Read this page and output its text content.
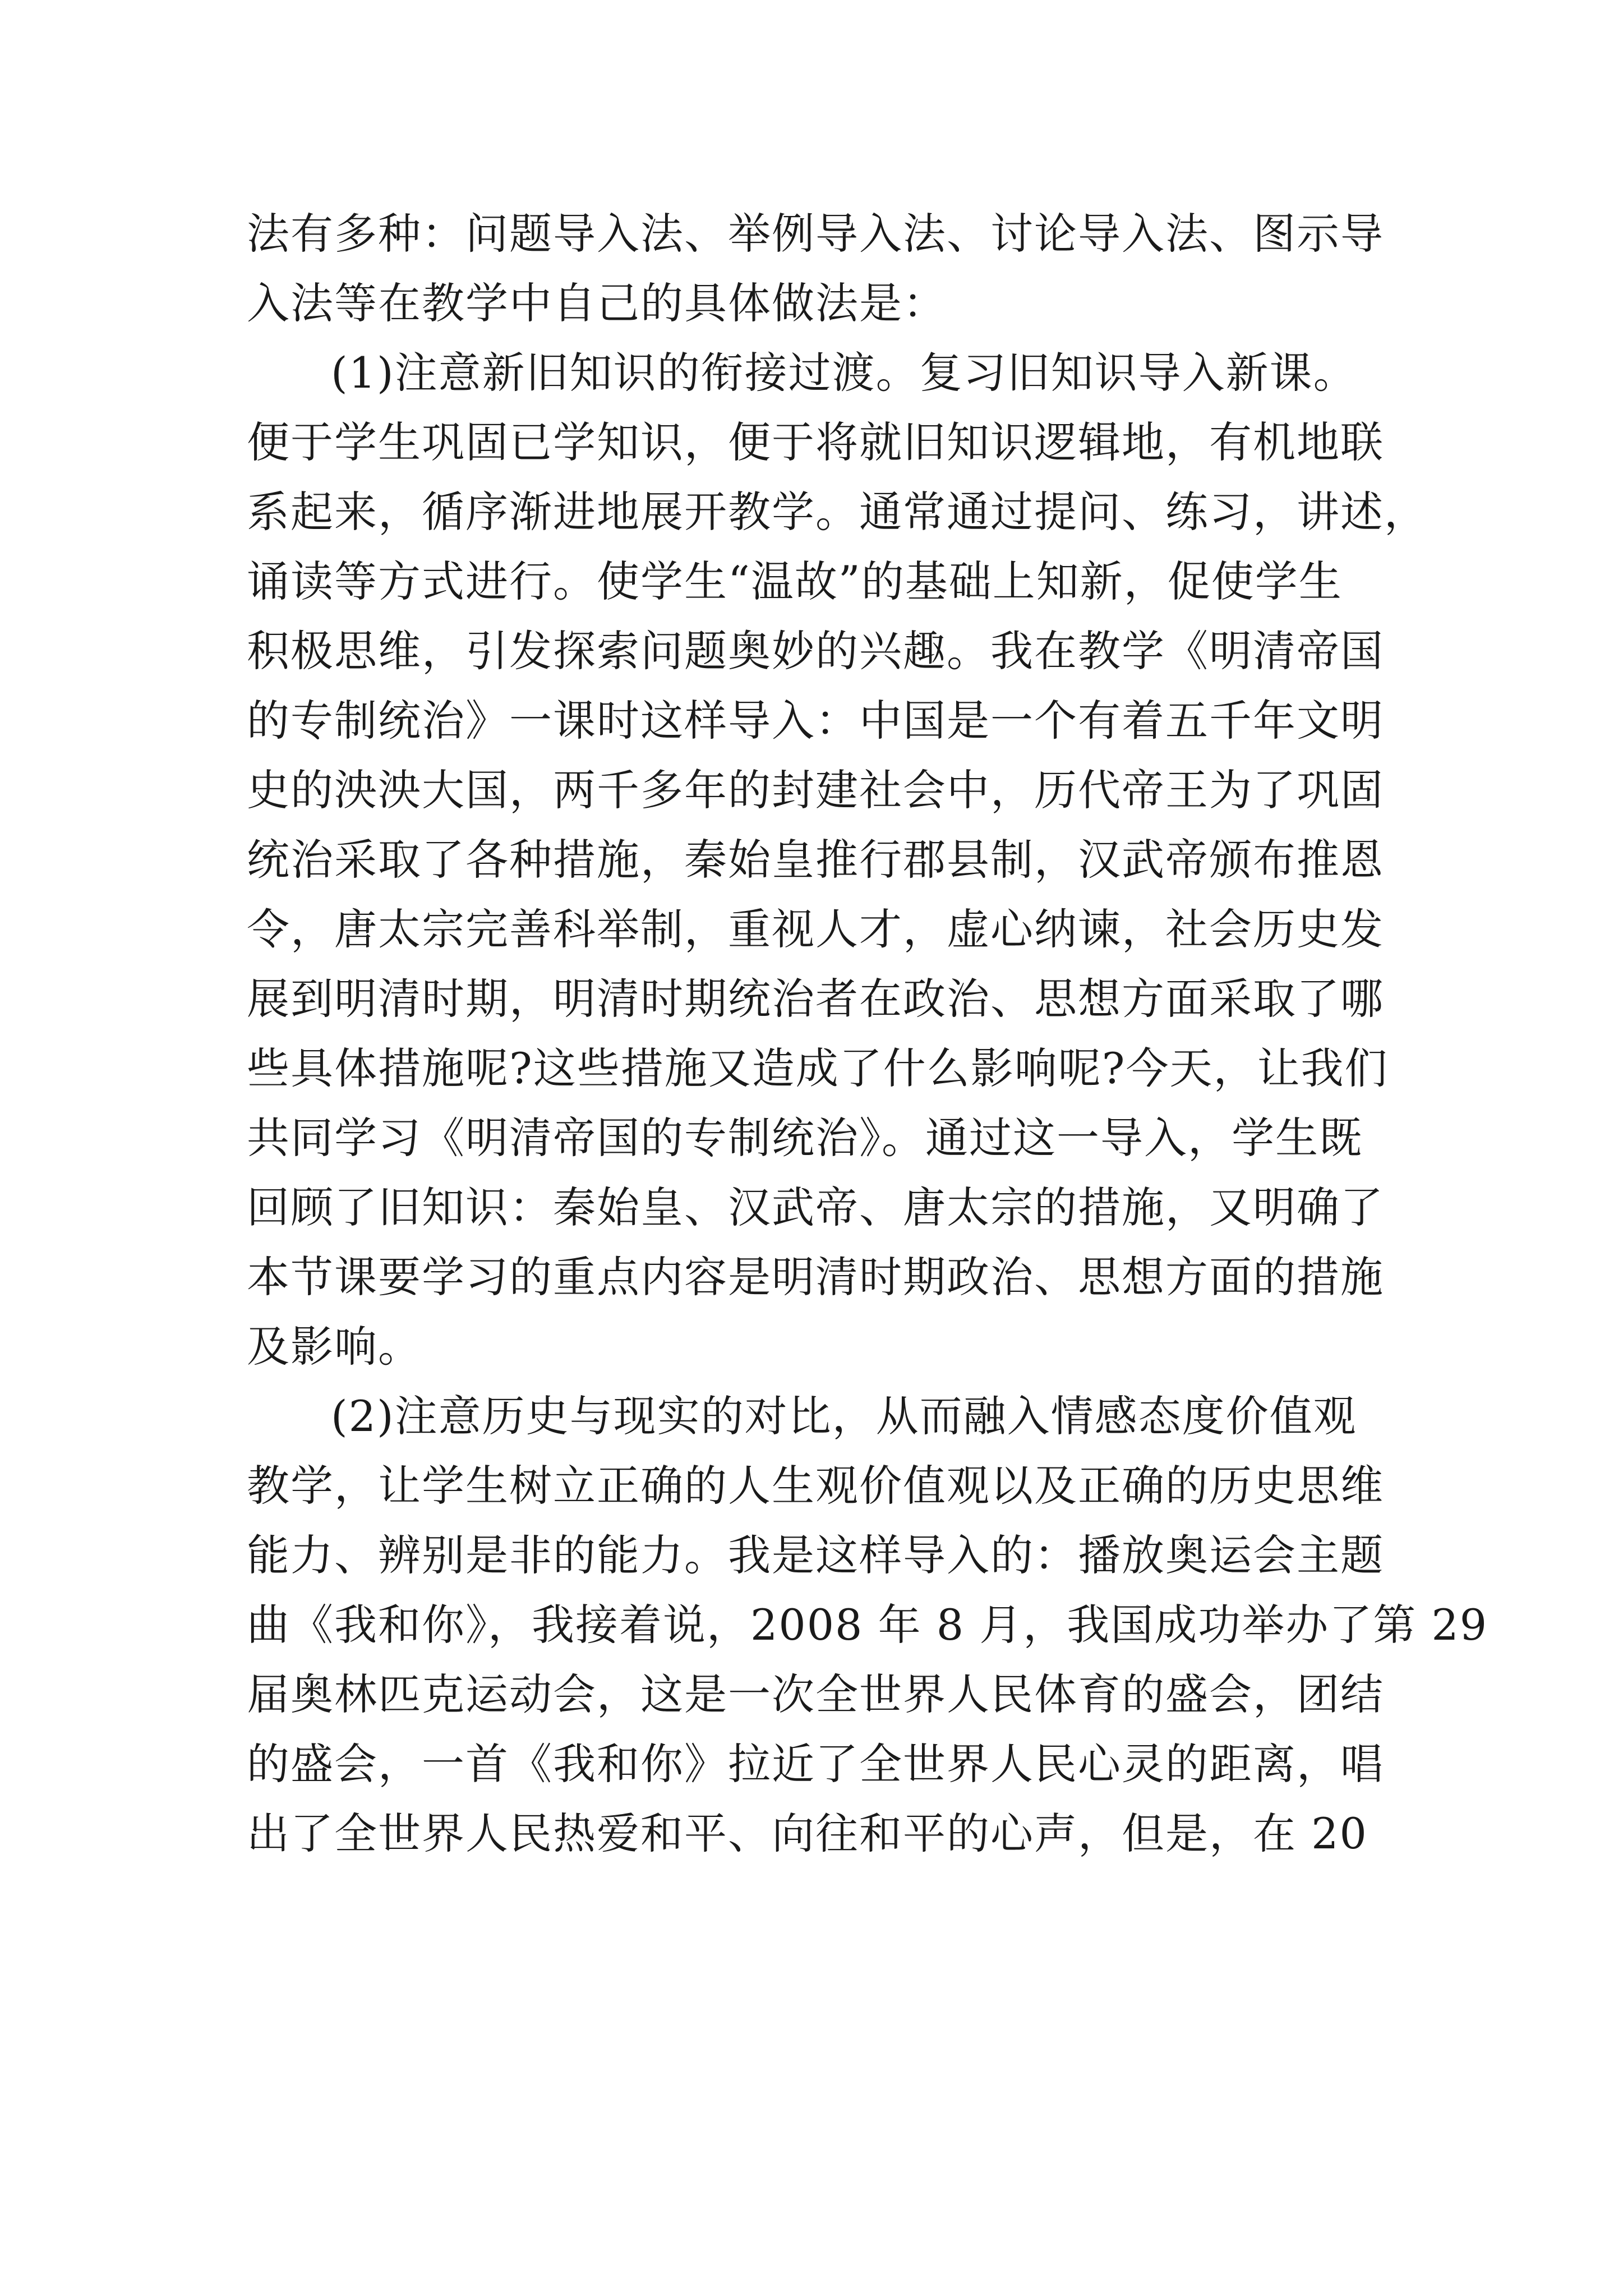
法有多种：问题导入法、举例导入法、讨论导入法、图示导
入法等在教学中自己的具体做法是：
(1)注意新旧知识的衔接过渡。复习旧知识导入新课。
便于学生巩固已学知识，便于将就旧知识逻辑地，有机地联
系起来，循序渐进地展开教学。通常通过提问、练习，讲述，
诵读等方式进行。使学生“温故”的基础上知新，促使学生
积极思维，引发探索问题奥妙的兴趣。我在教学《明清帝国
的专制统治》一课时这样导入：中国是一个有着五千年文明
史的泱泱大国，两千多年的封建社会中，历代帝王为了巩固
统治采取了各种措施，秦始皇推行郡县制，汉武帝颁布推恩
令，唐太宗完善科举制，重视人才，虚心纳谏，社会历史发
展到明清时期，明清时期统治者在政治、思想方面采取了哪
些具体措施呢?这些措施又造成了什么影响呢?今天，让我们
共同学习《明清帝国的专制统治》。通过这一导入，学生既
回顾了旧知识：秦始皇、汉武帝、唐太宗的措施，又明确了
本节课要学习的重点内容是明清时期政治、思想方面的措施
及影响。
(2)注意历史与现实的对比，从而融入情感态度价值观
教学，让学生树立正确的人生观价值观以及正确的历史思维
能力、辨别是非的能力。我是这样导入的：播放奥运会主题
曲《我和你》，我接着说，2008 年 8 月，我国成功举办了第 29
届奥林匹克运动会，这是一次全世界人民体育的盛会，团结
的盛会，一首《我和你》拉近了全世界人民心灵的距离，唱
出了全世界人民热爱和平、向往和平的心声，但是，在 20
